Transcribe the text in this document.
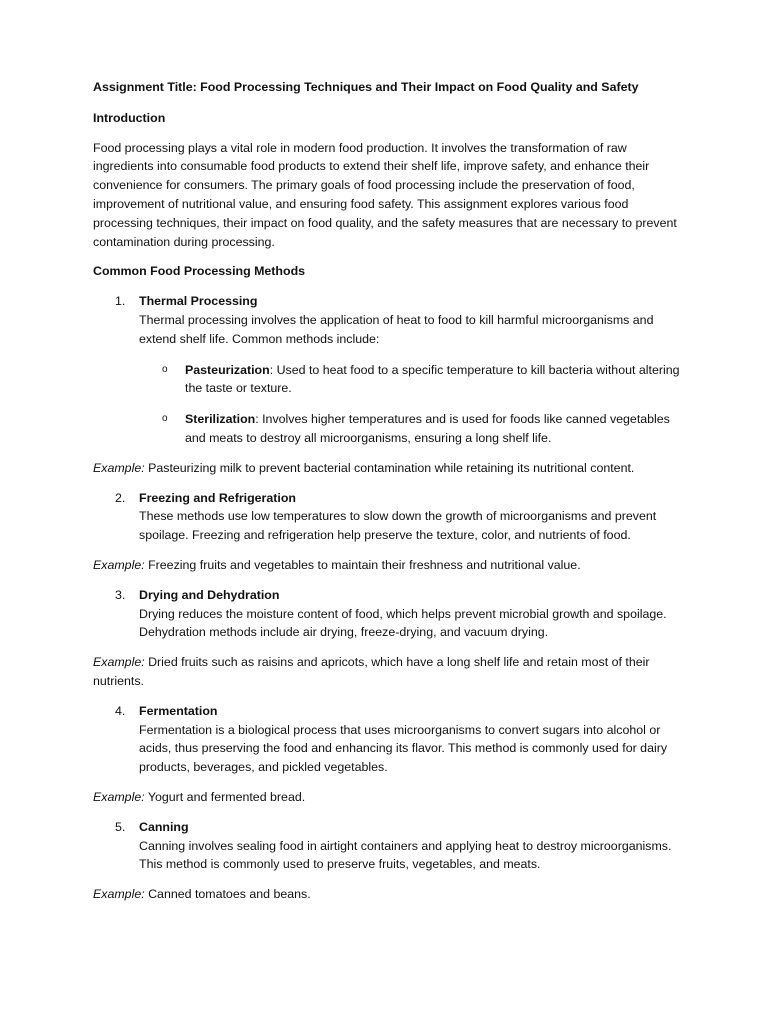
Assignment Title: Food Processing Techniques and Their Impact on Food Quality and Safety

Introduction

Food processing plays a vital role in modern food production. It involves the transformation of raw ingredients into consumable food products to extend their shelf life, improve safety, and enhance their convenience for consumers. The primary goals of food processing include the preservation of food, improvement of nutritional value, and ensuring food safety. This assignment explores various food processing techniques, their impact on food quality, and the safety measures that are necessary to prevent contamination during processing.

Common Food Processing Methods

1. Thermal Processing
Thermal processing involves the application of heat to food to kill harmful microorganisms and extend shelf life. Common methods include:
o Pasteurization: Used to heat food to a specific temperature to kill bacteria without altering the taste or texture.
o Sterilization: Involves higher temperatures and is used for foods like canned vegetables and meats to destroy all microorganisms, ensuring a long shelf life.

Example: Pasteurizing milk to prevent bacterial contamination while retaining its nutritional content.

2. Freezing and Refrigeration
These methods use low temperatures to slow down the growth of microorganisms and prevent spoilage. Freezing and refrigeration help preserve the texture, color, and nutrients of food.

Example: Freezing fruits and vegetables to maintain their freshness and nutritional value.

3. Drying and Dehydration
Drying reduces the moisture content of food, which helps prevent microbial growth and spoilage. Dehydration methods include air drying, freeze-drying, and vacuum drying.

Example: Dried fruits such as raisins and apricots, which have a long shelf life and retain most of their nutrients.

4. Fermentation
Fermentation is a biological process that uses microorganisms to convert sugars into alcohol or acids, thus preserving the food and enhancing its flavor. This method is commonly used for dairy products, beverages, and pickled vegetables.

Example: Yogurt and fermented bread.

5. Canning
Canning involves sealing food in airtight containers and applying heat to destroy microorganisms. This method is commonly used to preserve fruits, vegetables, and meats.

Example: Canned tomatoes and beans.
